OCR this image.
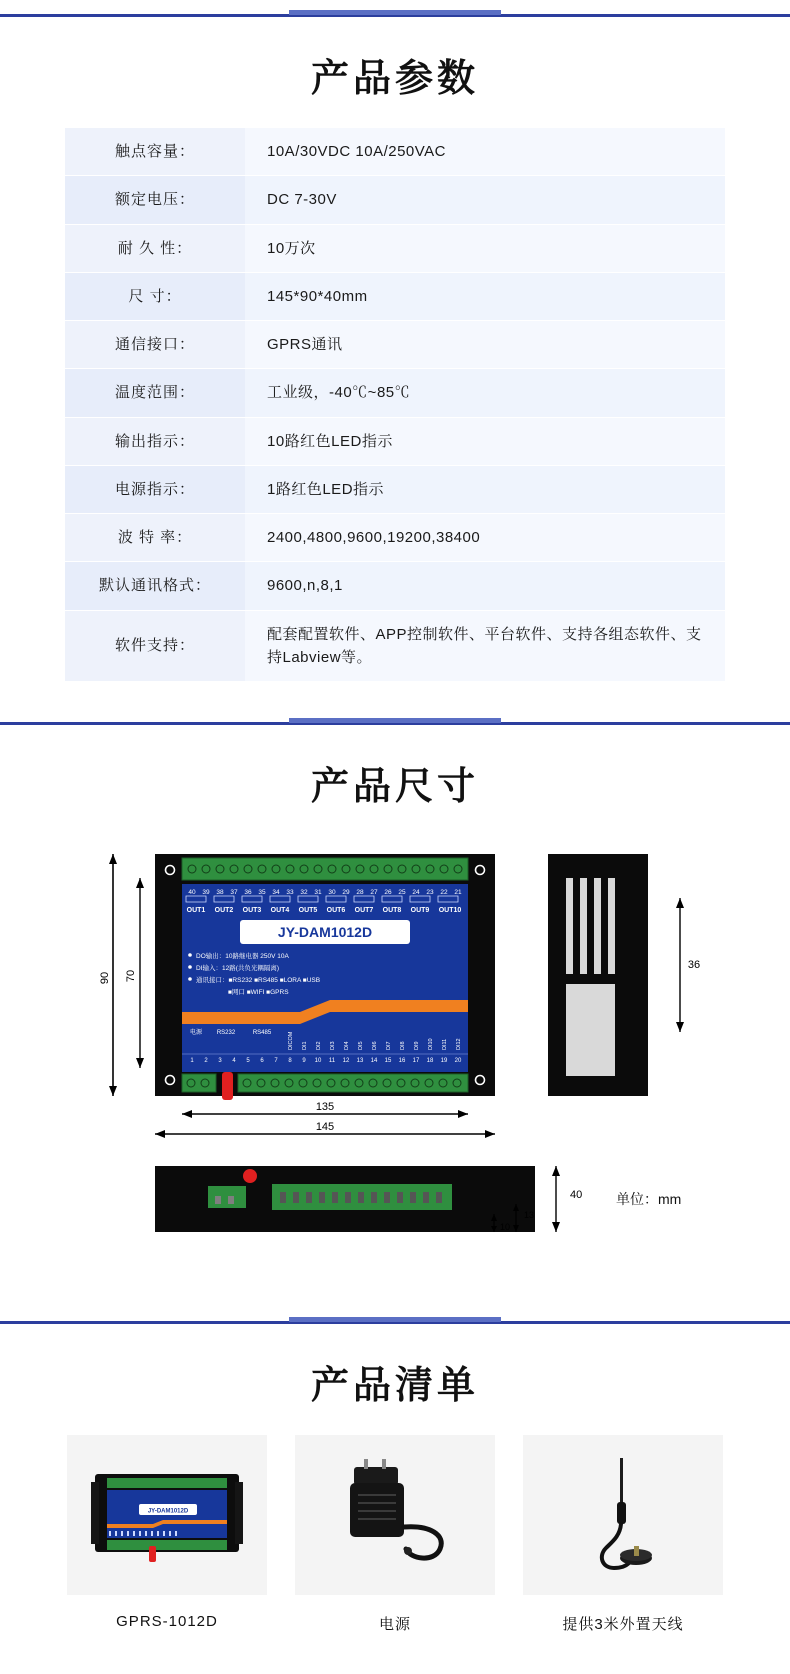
产品参数
触点容量：	10A/30VDC 10A/250VAC
额定电压：	DC 7-30V
耐 久 性：	10万次
尺 寸：	145*90*40mm
通信接口：	GPRS通讯
温度范围：	工业级，-40℃~85℃
输出指示：	10路红色LED指示
电源指示：	1路红色LED指示
波 特 率：	2400,4800,9600,19200,38400
默认通讯格式：	9600,n,8,1
软件支持：	配套配置软件、APP控制软件、平台软件、支持各组态软件、支持Labview等。
产品尺寸
90 70
40 39 38 37 36 35 34 33 32 31 30 29 28 27 26 25 24 23 22 21
OUT1 OUT2 OUT3 OUT4 OUT5 OUT6 OUT7 OUT8 OUT9 OUT10
JY-DAM1012D
DO输出：10路继电器 250V 10A
DI输入：12路(共负光耦隔离)
通讯接口：■RS232 ■RS485 ■LORA ■USB
■网口 ■WIFI ■GPRS
电源 RS232	RS485	DICOM DI1 DI2 DI3 DI4 DI5 DI6 DI7 DI8 DI9 DI10 DI11 DI12
1 2 3 4 5 6 7 8 9 10 11 12 13 14 15 16 17 18 19 20
135
145
36
40
13
10
单位：mm
产品清单
JY-DAM1012D
GPRS-1012D	电源	提供3米外置天线
